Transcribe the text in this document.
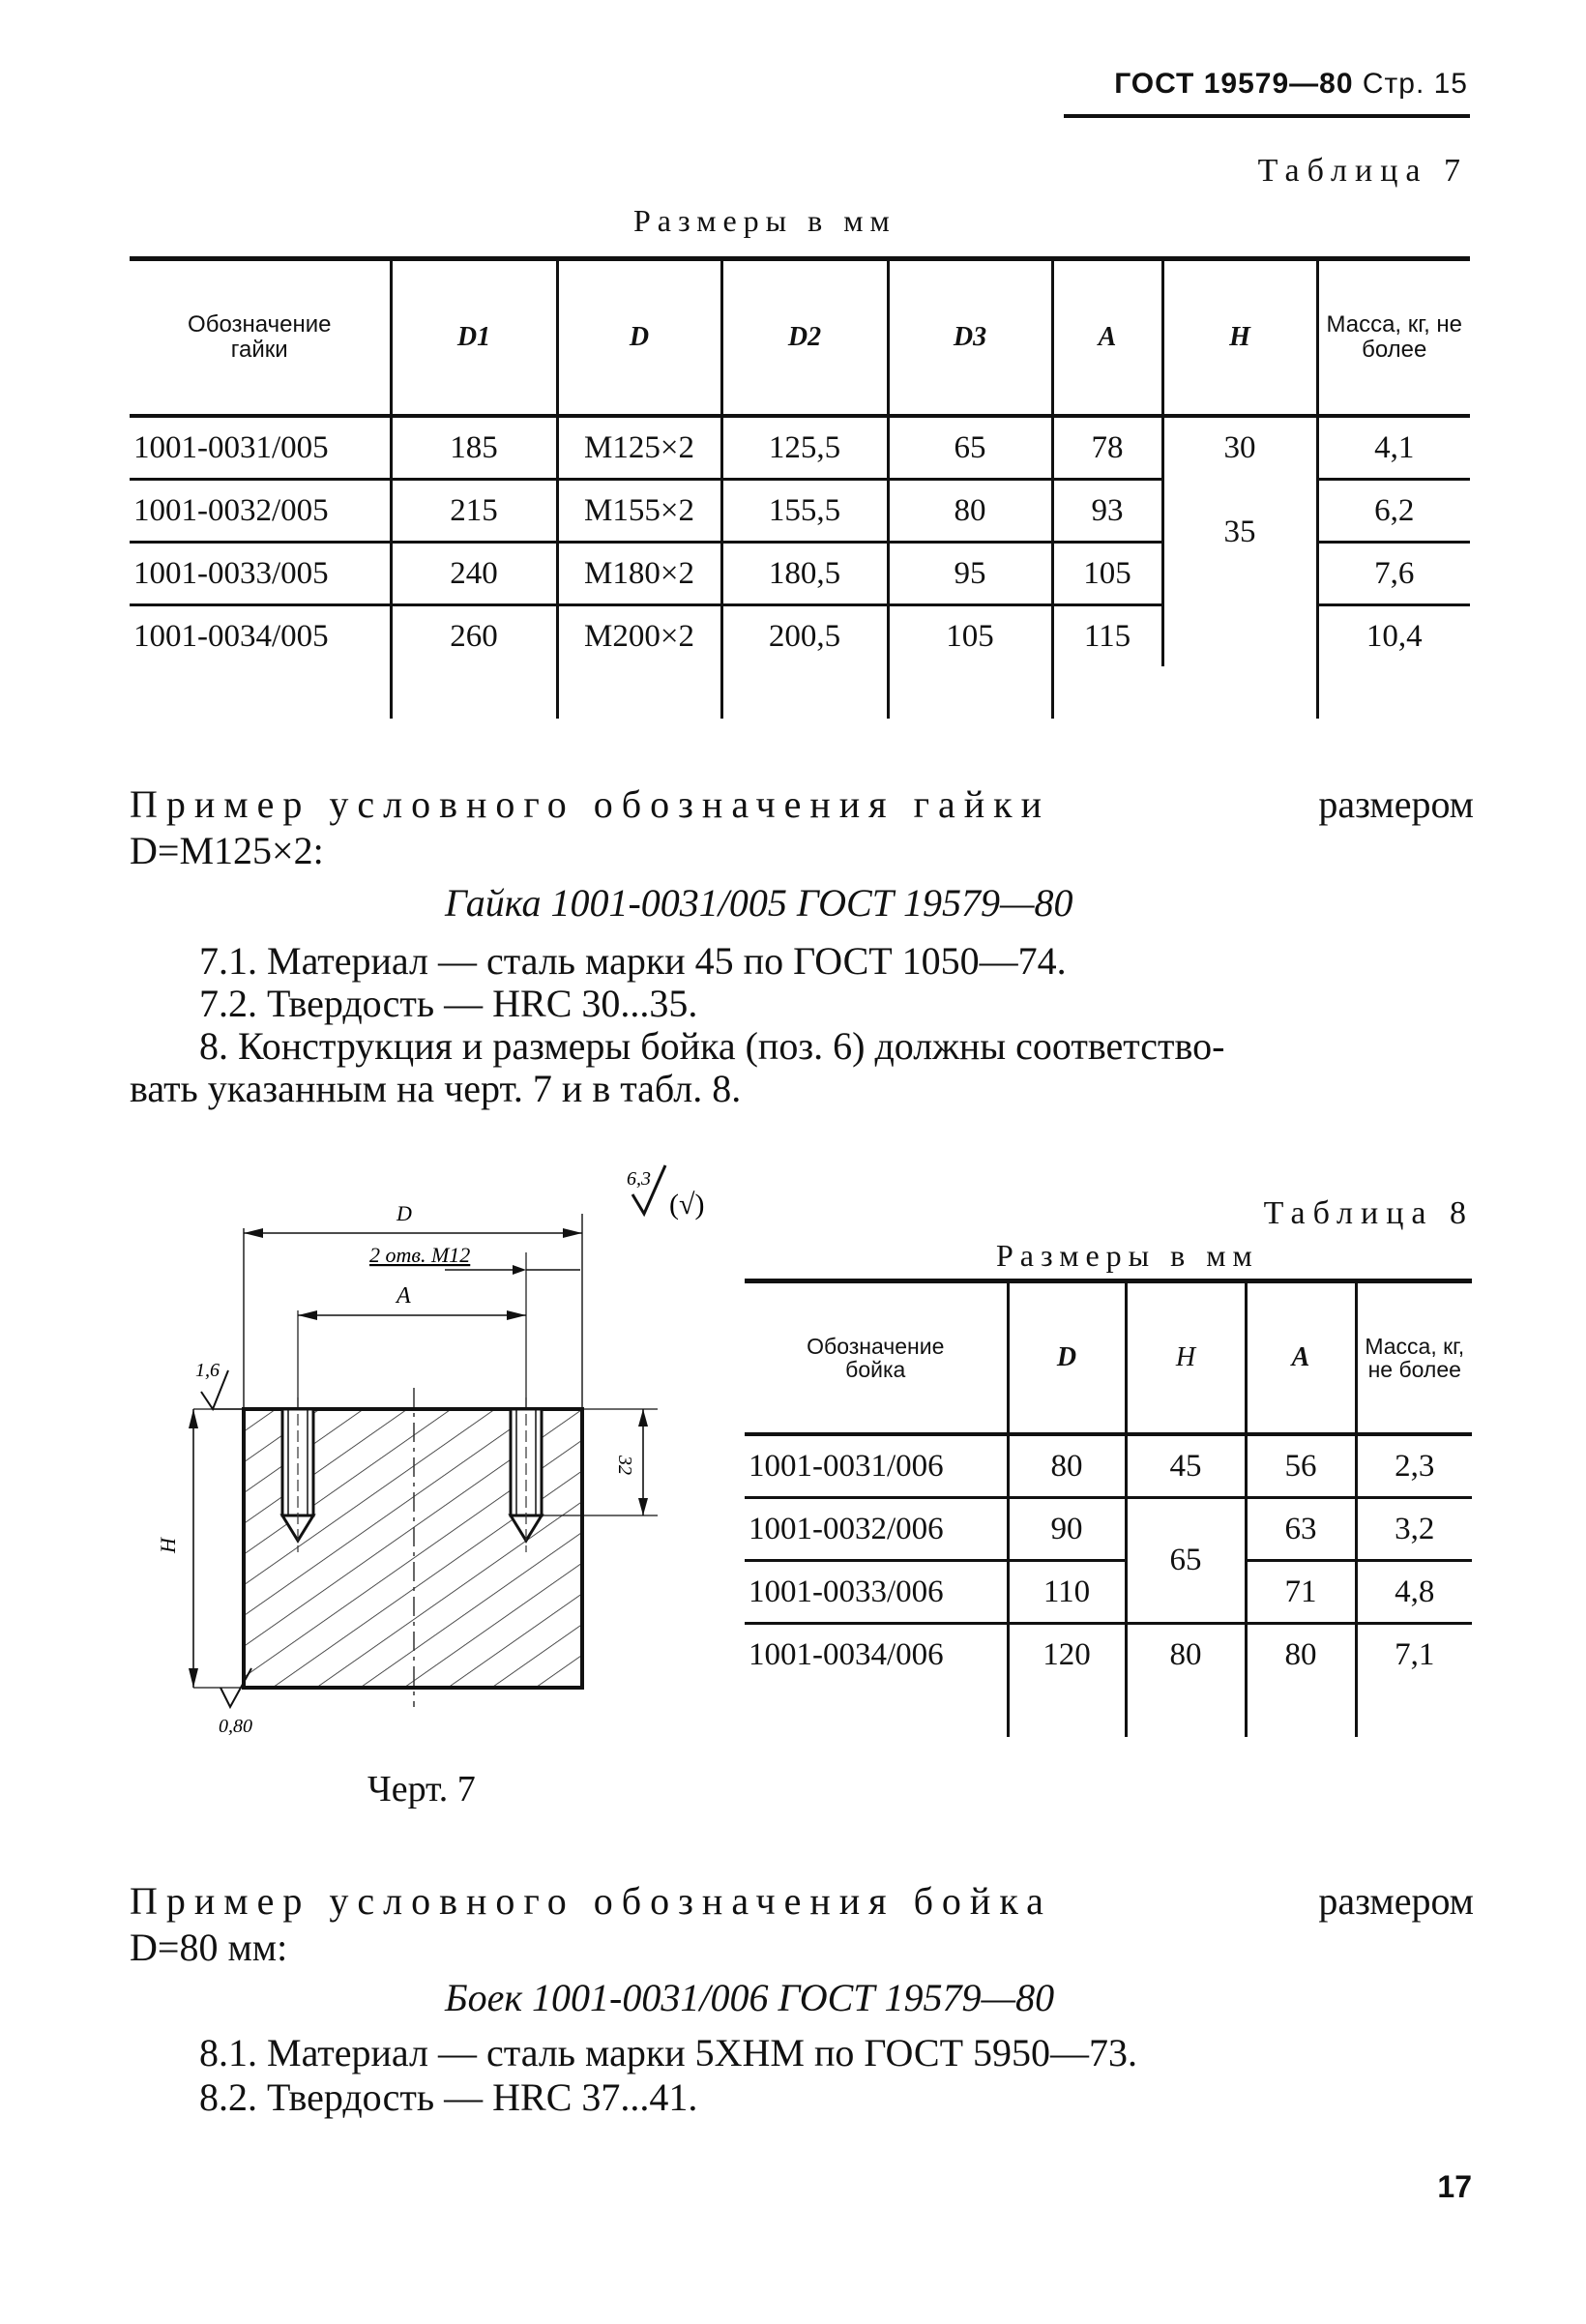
ГОСТ 19579—80 Стр. 15
Таблица 7
Размеры в мм
Обозначение гайки	D1	D	D2	D3	A	H	Масса, кг, не более
1001-0031/005	185	M125×2	125,5	65	78	30	4,1
1001-0032/005	215	M155×2	155,5	80	93	35	6,2
1001-0033/005	240	M180×2	180,5	95	105		7,6
1001-0034/005	260	M200×2	200,5	105	115		10,4

Пример условного обозначения гайки	размером
D=M125×2:
Гайка 1001-0031/005 ГОСТ 19579—80
7.1. Материал — сталь марки 45 по ГОСТ 1050—74.
7.2. Твердость — HRC 30...35.
8. Конструкция и размеры бойка (поз. 6) должны соответство-
вать указанным на черт. 7 и в табл. 8.
D
2 отв. M12
A
32
H
1,6
0,80
6,3
(√)
Черт. 7
Таблица 8
Размеры в мм
Обозначение бойка	D	H	A	Масса, кг, не более
1001-0031/006	80	45	56	2,3
1001-0032/006	90	65	63	3,2
1001-0033/006	110		71	4,8
1001-0034/006	120	80	80	7,1

Пример условного обозначения бойка	размером
D=80 мм:
Боек 1001-0031/006 ГОСТ 19579—80
8.1. Материал — сталь марки 5ХНМ по ГОСТ 5950—73.
8.2. Твердость — HRC 37...41.
17
